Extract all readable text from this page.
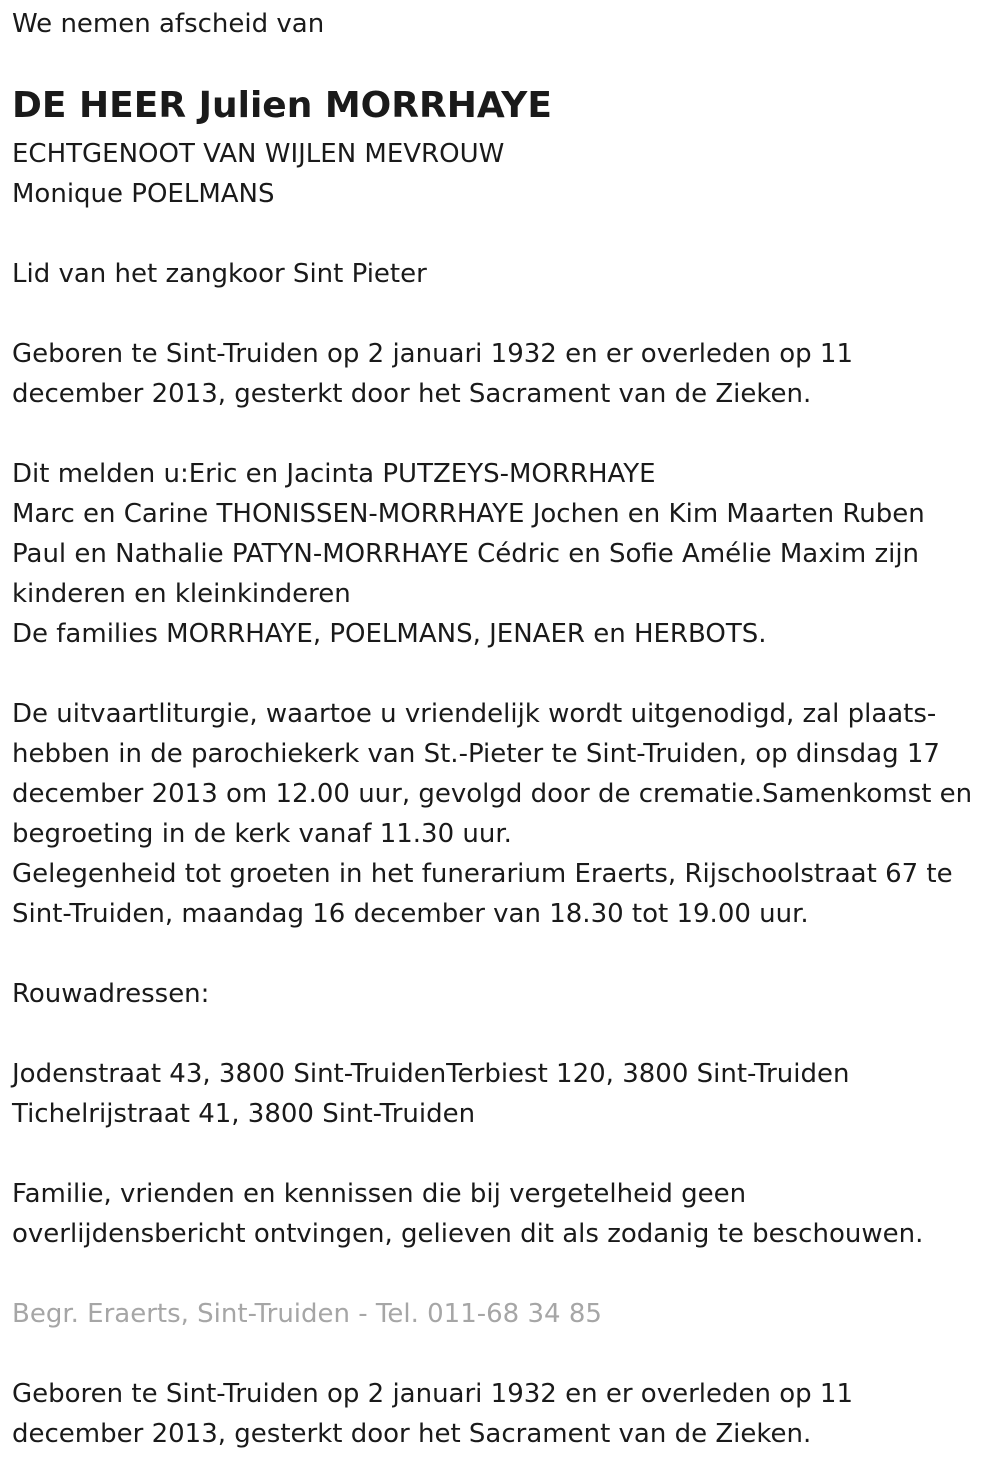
We nemen afscheid van
DE HEER Julien MORRHAYE
ECHTGENOOT VAN WIJLEN MEVROUW
Monique POELMANS
Lid van het zangkoor Sint Pieter
Geboren te Sint-Truiden op 2 januari 1932 en er overleden op 11
december 2013, gesterkt door het Sacrament van de Zieken.
Dit melden u:Eric en Jacinta PUTZEYS-MORRHAYE
Marc en Carine THONISSEN-MORRHAYE Jochen en Kim Maarten Ruben
Paul en Nathalie PATYN-MORRHAYE Cédric en Sofie Amélie Maxim zijn
kinderen en kleinkinderen
De families MORRHAYE, POELMANS, JENAER en HERBOTS.
De uitvaartliturgie, waartoe u vriendelijk wordt uitgenodigd, zal plaats-
hebben in de parochiekerk van St.-Pieter te Sint-Truiden, op dinsdag 17
december 2013 om 12.00 uur, gevolgd door de crematie.Samenkomst en
begroeting in de kerk vanaf 11.30 uur.
Gelegenheid tot groeten in het funerarium Eraerts, Rijschoolstraat 67 te
Sint-Truiden, maandag 16 december van 18.30 tot 19.00 uur.
Rouwadressen:
Jodenstraat 43, 3800 Sint-TruidenTerbiest 120, 3800 Sint-Truiden
Tichelrijstraat 41, 3800 Sint-Truiden
Familie, vrienden en kennissen die bij vergetelheid geen
overlijdensbericht ontvingen, gelieven dit als zodanig te beschouwen.
Begr. Eraerts, Sint-Truiden - Tel. 011-68 34 85
Geboren te Sint-Truiden op 2 januari 1932 en er overleden op 11
december 2013, gesterkt door het Sacrament van de Zieken.
